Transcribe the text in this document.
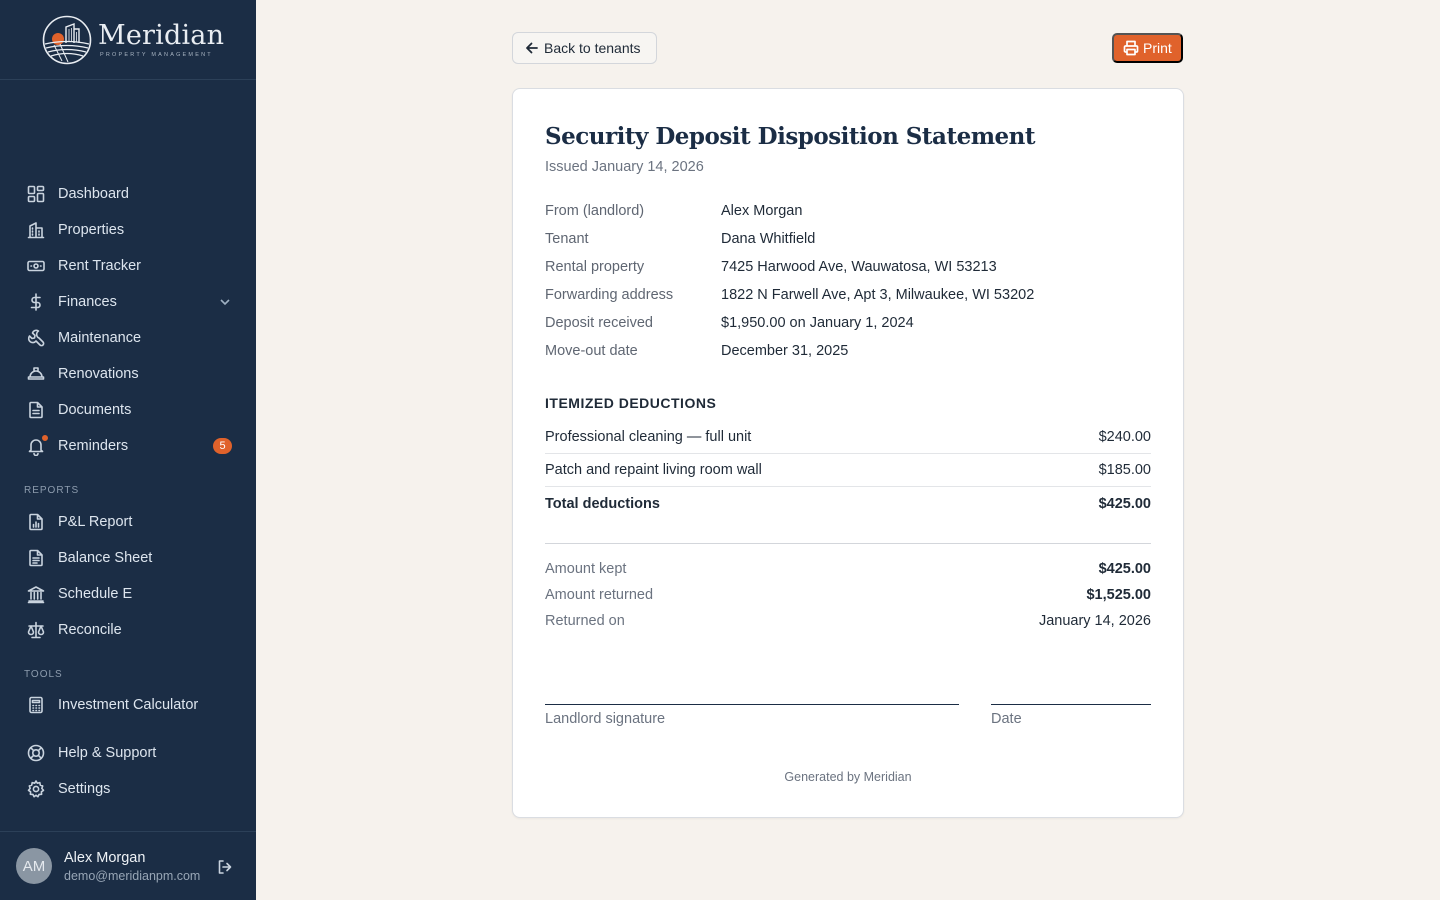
Meridian
PROPERTY MANAGEMENT
Dashboard
Properties
Rent Tracker
Finances
Maintenance
Renovations
Documents
Reminders	5
REPORTS
P&L Report
Balance Sheet
Schedule E
Reconcile
TOOLS
Investment Calculator
Help & Support
Settings
AM	Alex Morgan
demo@meridianpm.com
Back to tenants	Print
Security Deposit Disposition Statement
Issued January 14, 2026
From (landlord)	Alex Morgan
Tenant	Dana Whitfield
Rental property	7425 Harwood Ave, Wauwatosa, WI 53213
Forwarding address	1822 N Farwell Ave, Apt 3, Milwaukee, WI 53202
Deposit received	$1,950.00 on January 1, 2024
Move-out date	December 31, 2025
ITEMIZED DEDUCTIONS
Professional cleaning — full unit	$240.00
Patch and repaint living room wall	$185.00
Total deductions	$425.00
Amount kept	$425.00
Amount returned	$1,525.00
Returned on	January 14, 2026
Landlord signature	Date
Generated by Meridian
